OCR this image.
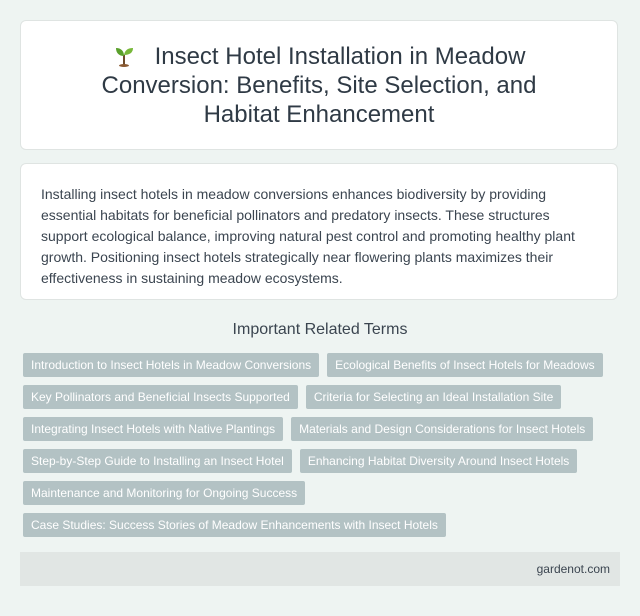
Insect Hotel Installation in Meadow Conversion: Benefits, Site Selection, and Habitat Enhancement

Installing insect hotels in meadow conversions enhances biodiversity by providing essential habitats for beneficial pollinators and predatory insects. These structures support ecological balance, improving natural pest control and promoting healthy plant growth. Positioning insect hotels strategically near flowering plants maximizes their effectiveness in sustaining meadow ecosystems.

Important Related Terms
Introduction to Insect Hotels in Meadow Conversions	Ecological Benefits of Insect Hotels for Meadows
Key Pollinators and Beneficial Insects Supported	Criteria for Selecting an Ideal Installation Site
Integrating Insect Hotels with Native Plantings	Materials and Design Considerations for Insect Hotels
Step-by-Step Guide to Installing an Insect Hotel	Enhancing Habitat Diversity Around Insect Hotels
Maintenance and Monitoring for Ongoing Success
Case Studies: Success Stories of Meadow Enhancements with Insect Hotels
gardenot.com
